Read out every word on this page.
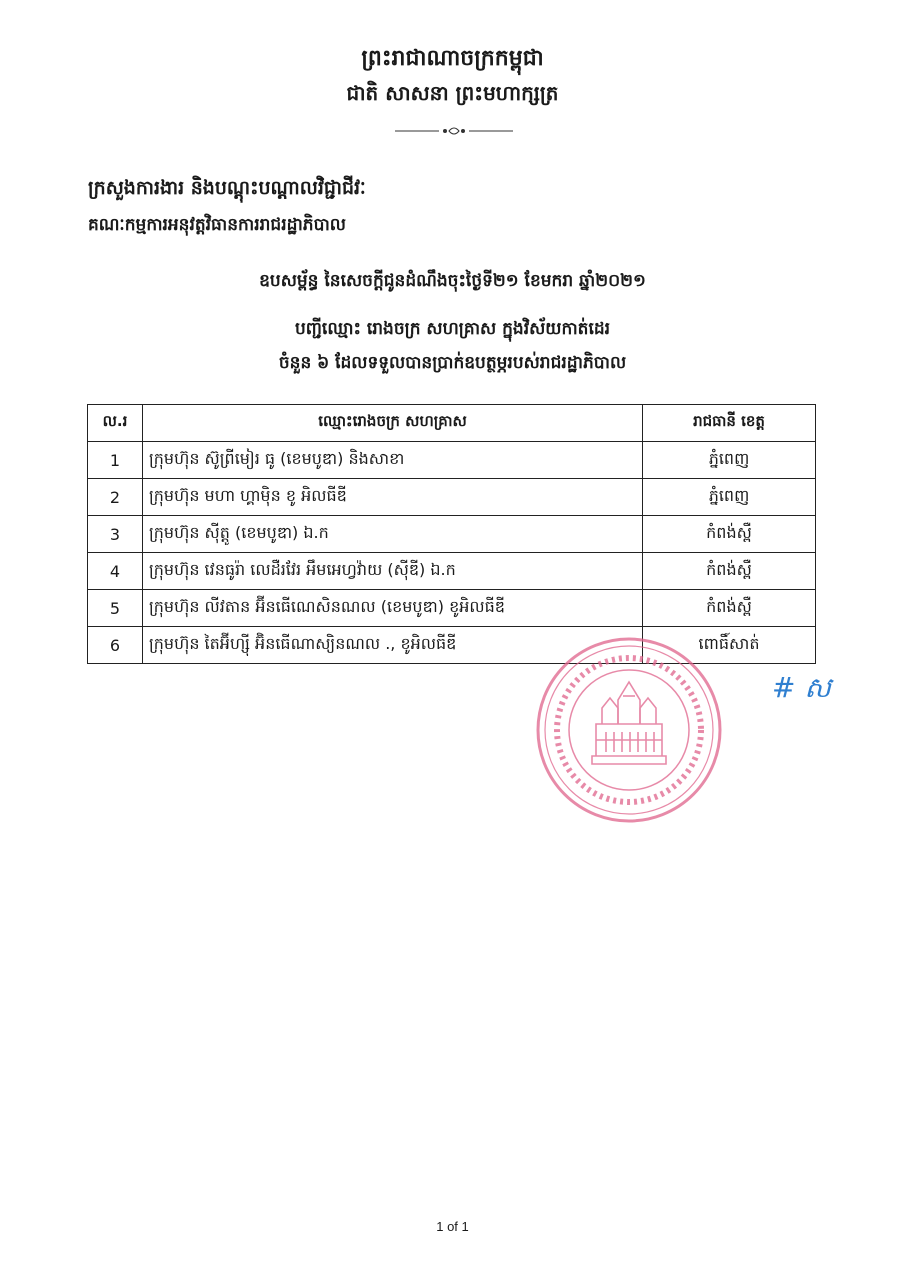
ព្រះរាជាណាចក្រកម្ពុជា
ជាតិ សាសនា ព្រះមហាក្សត្រ
ក្រសួងការងារ និងបណ្តុះបណ្តាលវិជ្ជាជីវៈ
គណៈកម្មការអនុវត្តវិធានការរាជរដ្ឋាភិបាល
ឧបសម្ព័ន្ធ នៃសេចក្តីជូនដំណឹងចុះថ្ងៃទី២១ ខែមករា ឆ្នាំ២០២១
បញ្ជីឈ្មោះ រោងចក្រ សហគ្រាស ក្នុងវិស័យកាត់ដេរ
ចំនួន ៦ ដែលទទួលបានប្រាក់ឧបត្ថម្ភរបស់រាជរដ្ឋាភិបាល
ល.រ	ឈ្មោះរោងចក្រ សហគ្រាស	រាជធានី ខេត្ត
1	ក្រុមហ៊ុន ស៊ូព្រីមៀរ ធូ (ខេមបូឌា) និងសាខា	ភ្នំពេញ
2	ក្រុមហ៊ុន មហា ហ្គាម៉ិន ខូ អិលធីឌី	ភ្នំពេញ
3	ក្រុមហ៊ុន ស៊ីត្តូ (ខេមបូឌា) ឯ.ក	កំពង់ស្ពឺ
4	ក្រុមហ៊ុន វេនធូរ៉ា លេដឺរវែរ អឹមអេហ្វវ៉ាយ (ស៊ីឌី) ឯ.ក	កំពង់ស្ពឺ
5	ក្រុមហ៊ុន លីវតាន អ៊ីនធើណេសិនណល (ខេមបូឌា) ខូអិលធីឌី	កំពង់ស្ពឺ
6	ក្រុមហ៊ុន តៃអ៊ីហ្ស៊ី អ៊ិនធើណាស្យិនណល ., ខូអិលធីឌី	ពោធិ៍សាត់
# ស
1 of 1
